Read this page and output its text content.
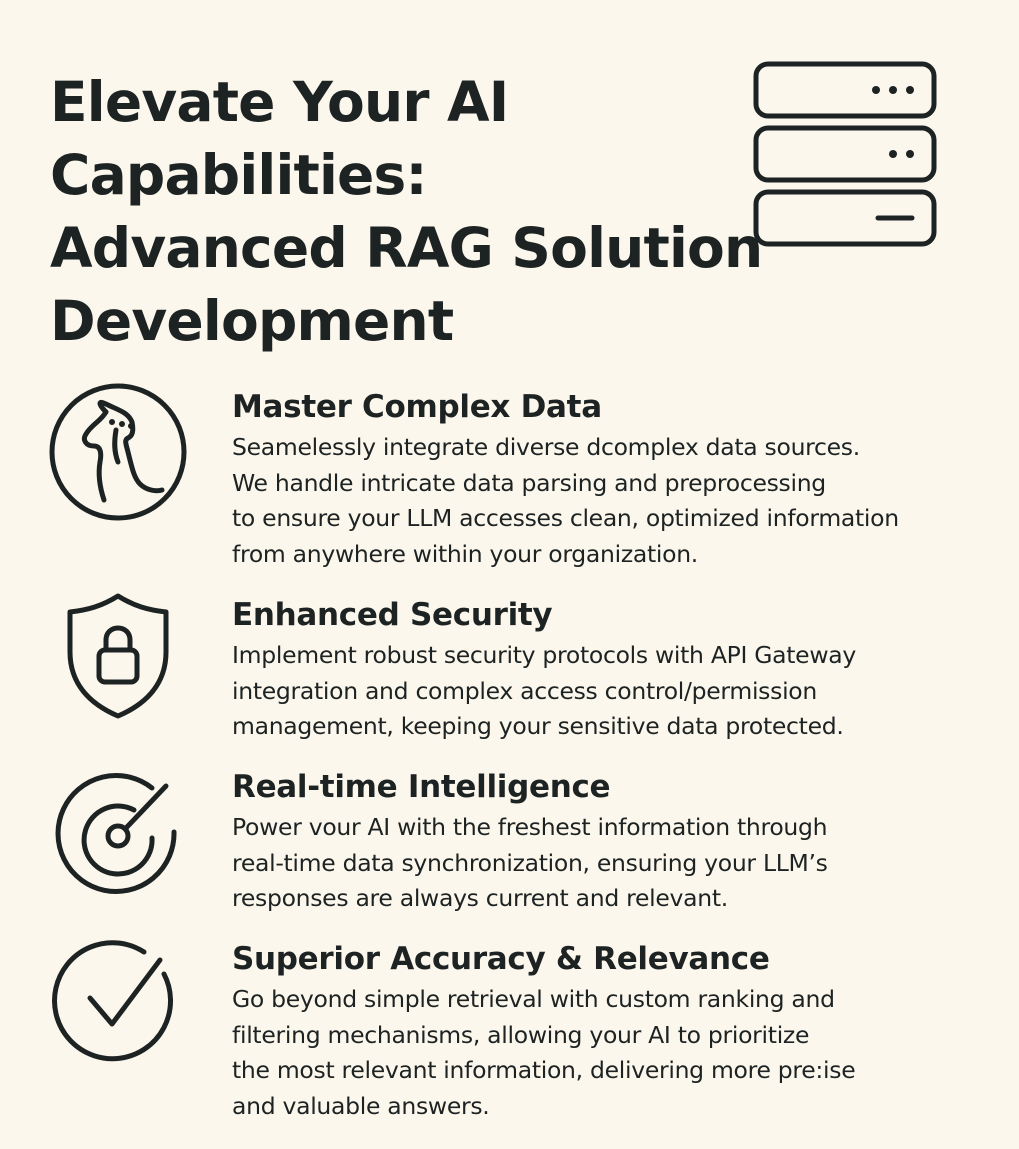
Elevate Your AI
Capabilities:
Advanced RAG Solution
Development
Master Complex Data

Seamelessly integrate diverse dcomplex data sources.
We handle intricate data parsing and preprocessing
to ensure your LLM accesses clean, optimized information
from anywhere within your organization.

Enhanced Security

Implement robust security protocols with API Gateway
integration and complex access control/permission
management, keeping your sensitive data protected.

Real-time Intelligence

Power vour AI with the freshest information through
real-time data synchronization, ensuring your LLM’s
responses are always current and relevant.

Superior Accuracy & Relevance

Go beyond simple retrieval with custom ranking and
filtering mechanisms, allowing your AI to prioritize
the most relevant information, delivering more pre:ise
and valuable answers.
